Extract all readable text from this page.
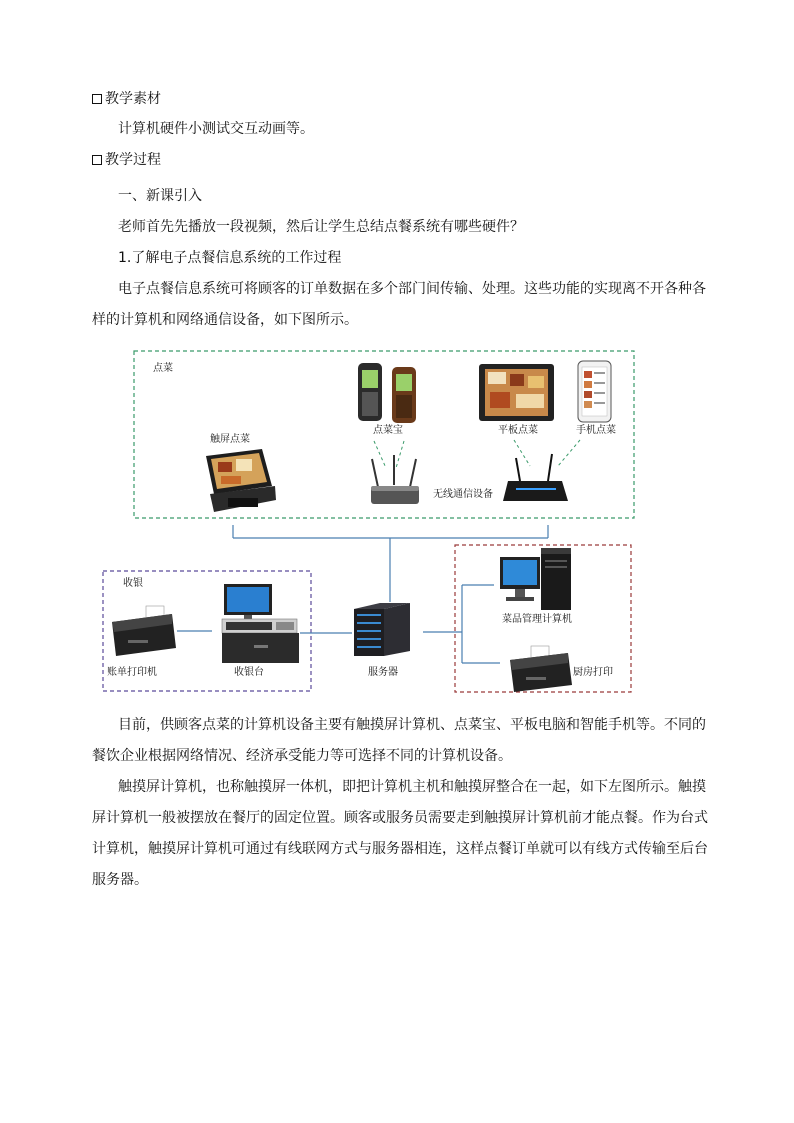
教学素材
计算机硬件小测试交互动画等。
教学过程
一、新课引入
老师首先先播放一段视频，然后让学生总结点餐系统有哪些硬件？
1.了解电子点餐信息系统的工作过程
电子点餐信息系统可将顾客的订单数据在多个部门间传输、处理。这些功能的实现离不开各种各
样的计算机和网络通信设备，如下图所示。
点菜
触屏点菜
点菜宝	平板点菜	手机点菜
无线通信设备
收银
账单打印机	收银台	服务器
菜品管理计算机
厨房打印
目前，供顾客点菜的计算机设备主要有触摸屏计算机、点菜宝、平板电脑和智能手机等。不同的
餐饮企业根据网络情况、经济承受能力等可选择不同的计算机设备。
触摸屏计算机，也称触摸屏一体机，即把计算机主机和触摸屏整合在一起，如下左图所示。触摸
屏计算机一般被摆放在餐厅的固定位置。顾客或服务员需要走到触摸屏计算机前才能点餐。作为台式
计算机，触摸屏计算机可通过有线联网方式与服务器相连，这样点餐订单就可以有线方式传输至后台
服务器。
